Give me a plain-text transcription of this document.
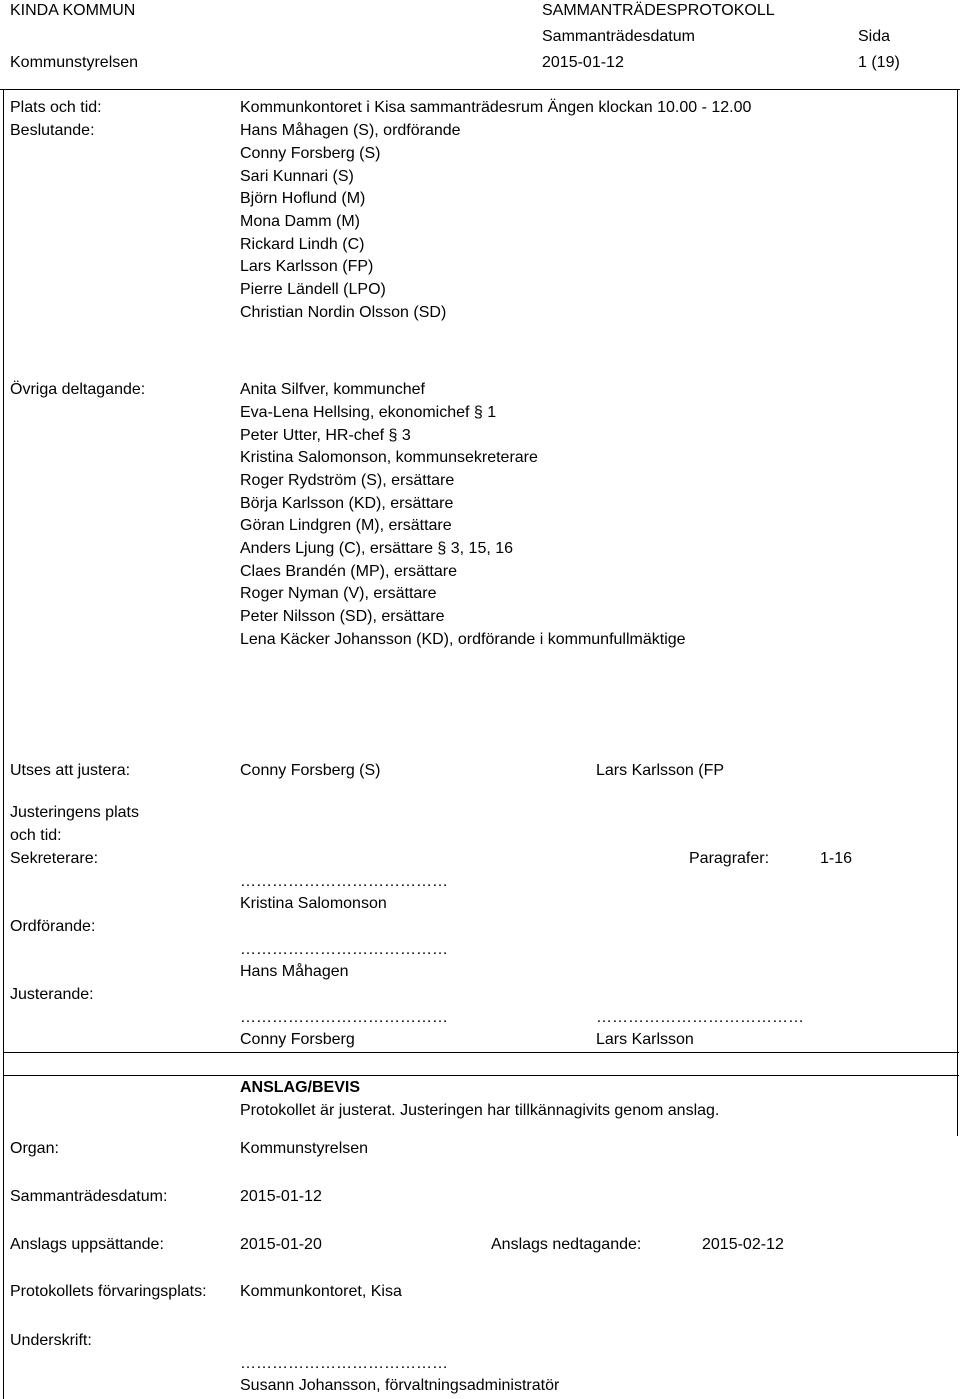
KINDA KOMMUN	SAMMANTRÄDESPROTOKOLL
Sammanträdesdatum	Sida
Kommunstyrelsen	2015-01-12	1 (19)
Plats och tid:	Kommunkontoret i Kisa sammanträdesrum Ängen klockan 10.00 - 12.00
Beslutande:	Hans Måhagen (S), ordförande
Conny Forsberg (S)
Sari Kunnari (S)
Björn Hoflund (M)
Mona Damm (M)
Rickard Lindh (C)
Lars Karlsson (FP)
Pierre Ländell (LPO)
Christian Nordin Olsson (SD)
Övriga deltagande:	Anita Silfver, kommunchef
Eva-Lena Hellsing, ekonomichef § 1
Peter Utter, HR-chef § 3
Kristina Salomonson, kommunsekreterare
Roger Rydström (S), ersättare
Börja Karlsson (KD), ersättare
Göran Lindgren (M), ersättare
Anders Ljung (C), ersättare § 3, 15, 16
Claes Brandén (MP), ersättare
Roger Nyman (V), ersättare
Peter Nilsson (SD), ersättare
Lena Käcker Johansson (KD), ordförande i kommunfullmäktige
Utses att justera:	Conny Forsberg (S)	Lars Karlsson (FP
Justeringens plats
och tid:
Sekreterare:	Paragrafer:	1-16
…………………………………
Kristina Salomonson
Ordförande:
…………………………………
Hans Måhagen
Justerande:
…………………………………	…………………………………
Conny Forsberg	Lars Karlsson
ANSLAG/BEVIS
Protokollet är justerat. Justeringen har tillkännagivits genom anslag.
Organ:	Kommunstyrelsen
Sammanträdesdatum:	2015-01-12
Anslags uppsättande:	2015-01-20	Anslags nedtagande:	2015-02-12
Protokollets förvaringsplats: Kommunkontoret, Kisa
Underskrift:
…………………………………
Susann Johansson, förvaltningsadministratör
